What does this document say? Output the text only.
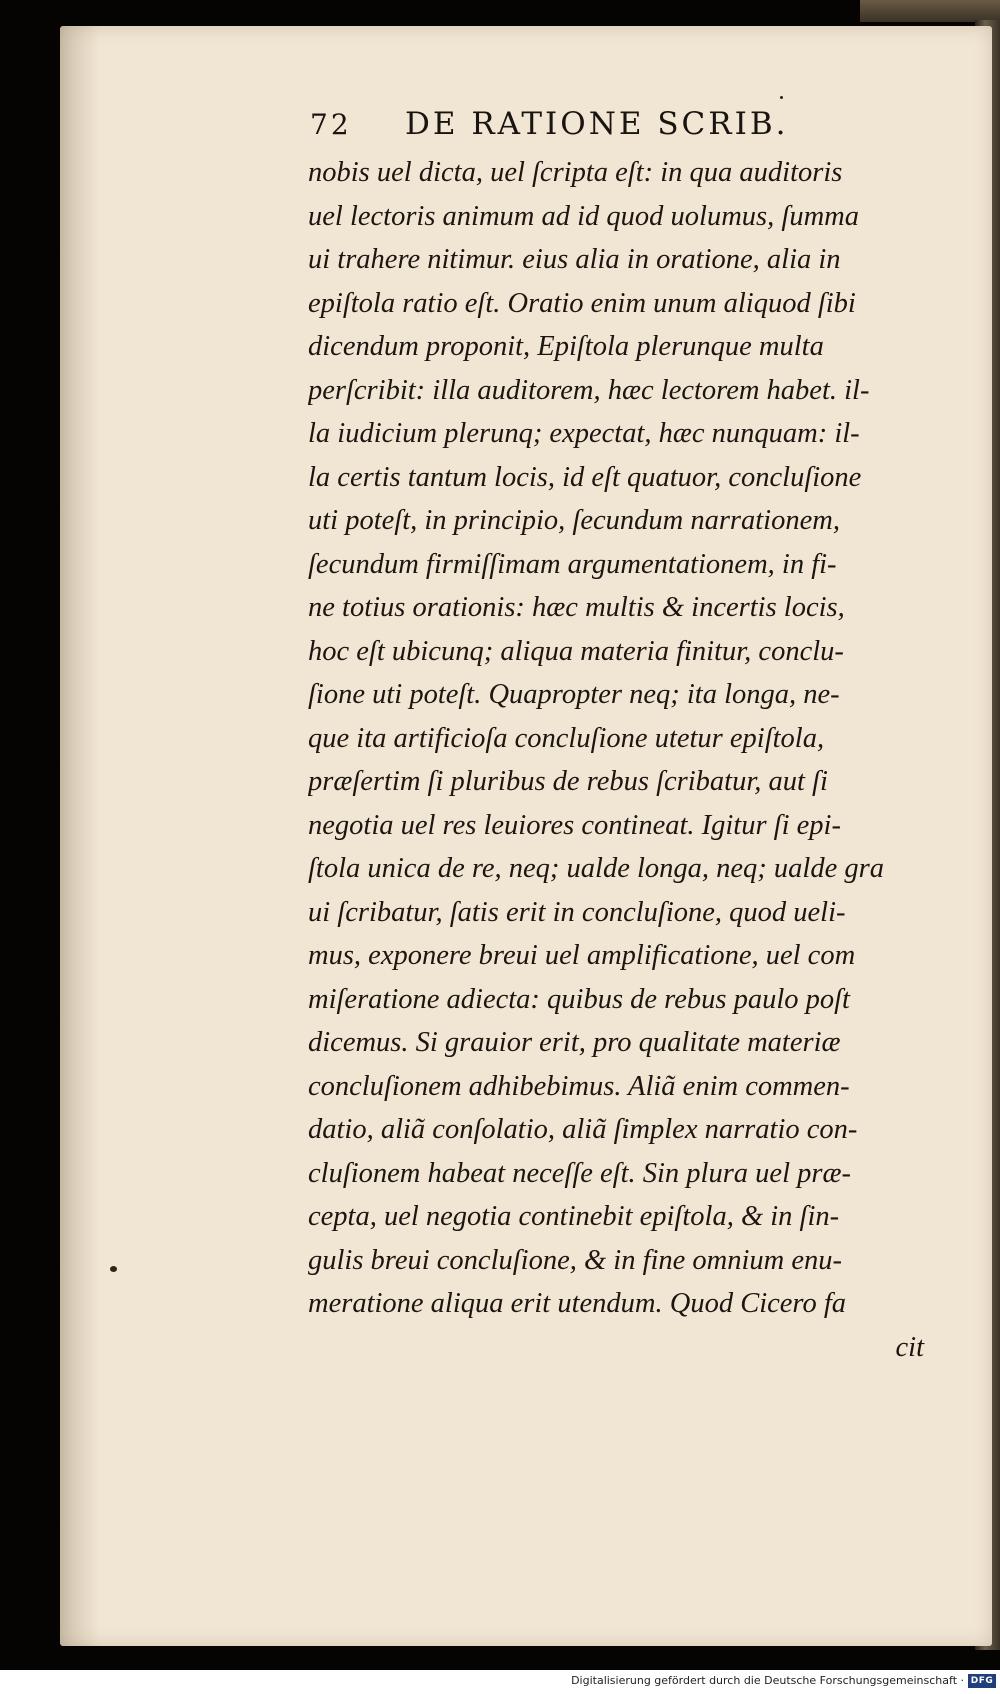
72 DE RATIONE SCRIB.
nobis uel dicta, uel ſcripta eſt: in qua auditoris
uel lectoris animum ad id quod uolumus, ſumma
ui trahere nitimur. eius alia in oratione, alia in
epiſtola ratio eſt. Oratio enim unum aliquod ſibi
dicendum proponit, Epiſtola plerunque multa
perſcribit: illa auditorem, hæc lectorem habet. il-
la iudicium plerunq; expectat, hæc nunquam: il-
la certis tantum locis, id eſt quatuor, concluſione
uti poteſt, in principio, ſecundum narrationem,
ſecundum firmiſſimam argumentationem, in fi-
ne totius orationis: hæc multis & incertis locis,
hoc eſt ubicunq; aliqua materia finitur, conclu-
ſione uti poteſt. Quapropter neq; ita longa, ne-
que ita artificioſa concluſione utetur epiſtola,
præſertim ſi pluribus de rebus ſcribatur, aut ſi
negotia uel res leuiores contineat. Igitur ſi epi-
ſtola unica de re, neq; ualde longa, neq; ualde gra
ui ſcribatur, ſatis erit in concluſione, quod ueli-
mus, exponere breui uel amplificatione, uel com
miſeratione adiecta: quibus de rebus paulo poſt
dicemus. Si grauior erit, pro qualitate materiæ
concluſionem adhibebimus. Aliã enim commen-
datio, aliã conſolatio, aliã ſimplex narratio con-
cluſionem habeat neceſſe eſt. Sin plura uel præ-
cepta, uel negotia continebit epiſtola, & in ſin-
gulis breui concluſione, & in fine omnium enu-
meratione aliqua erit utendum. Quod Cicero fa
cit
Digitalisierung gefördert durch die Deutsche Forschungsgemeinschaft · DFG
